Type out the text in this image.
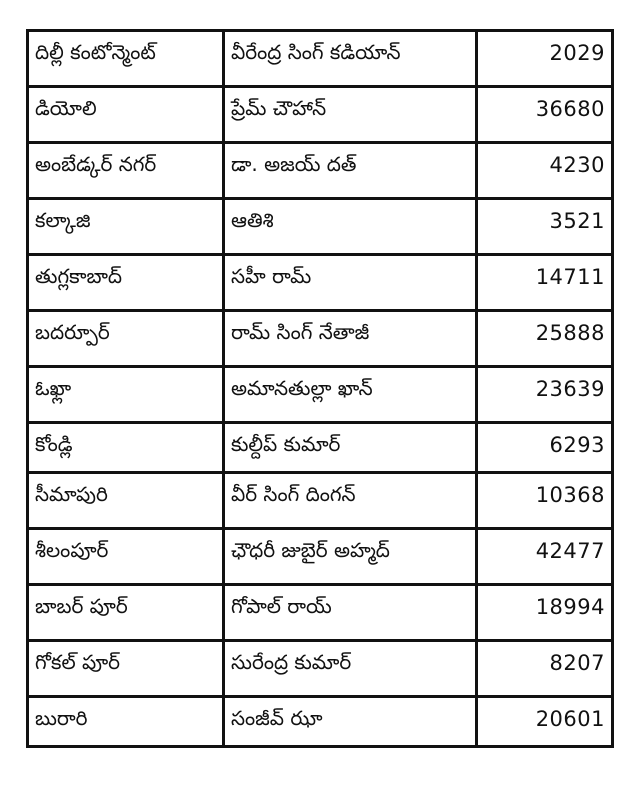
దిల్లీ కంటోన్మెంట్	వీరేంద్ర సింగ్ కడియాన్	2029
డియోలి	ప్రేమ్ చౌహాన్	36680
అంబేడ్కర్ నగర్	డా. అజయ్ దత్	4230
కల్కాజి	ఆతిశి	3521
తుగ్లకాబాద్	సహీ రామ్	14711
బదర్పూర్	రామ్ సింగ్ నేతాజీ	25888
ఓఖ్లా	అమానతుల్లా ఖాన్	23639
కోండ్లి	కుల్దీప్ కుమార్	6293
సీమాపురి	వీర్ సింగ్ దింగన్	10368
శీలంపూర్	ఛౌధరీ జుబైర్ అహ్మద్	42477
బాబర్ పూర్	గోపాల్ రాయ్	18994
గోకల్ పూర్	సురేంద్ర కుమార్	8207
బురారి	సంజీవ్ ఝా	20601
